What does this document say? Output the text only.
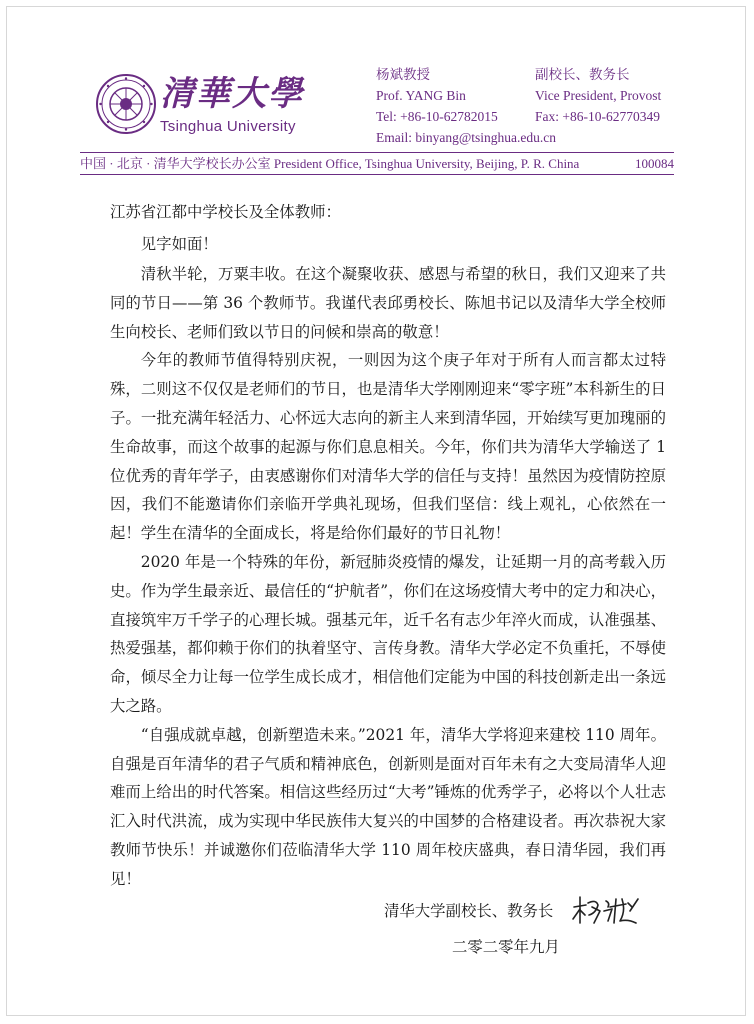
清華大學
Tsinghua University
杨斌教授
Prof. YANG Bin
Tel: +86-10-62782015
Email: binyang@tsinghua.edu.cn
副校长、教务长
Vice President, Provost
Fax: +86-10-62770349
中国 · 北京 · 清华大学校长办公室 President Office, Tsinghua University, Beijing, P. R. China	100084

江苏省江都中学校长及全体教师：

见字如面！

清秋半轮，万粟丰收。在这个凝聚收获、感恩与希望的秋日，我们又迎来了共同的节日——第 36 个教师节。我谨代表邱勇校长、陈旭书记以及清华大学全校师生向校长、老师们致以节日的问候和崇高的敬意！

今年的教师节值得特别庆祝，一则因为这个庚子年对于所有人而言都太过特殊，二则这不仅仅是老师们的节日，也是清华大学刚刚迎来“零字班”本科新生的日子。一批充满年轻活力、心怀远大志向的新主人来到清华园，开始续写更加瑰丽的生命故事，而这个故事的起源与你们息息相关。今年，你们共为清华大学输送了 1 位优秀的青年学子，由衷感谢你们对清华大学的信任与支持！虽然因为疫情防控原因，我们不能邀请你们亲临开学典礼现场，但我们坚信：线上观礼，心依然在一起！学生在清华的全面成长，将是给你们最好的节日礼物！

2020 年是一个特殊的年份，新冠肺炎疫情的爆发，让延期一月的高考载入历史。作为学生最亲近、最信任的“护航者”，你们在这场疫情大考中的定力和决心，直接筑牢万千学子的心理长城。强基元年，近千名有志少年淬火而成，认准强基、热爱强基，都仰赖于你们的执着坚守、言传身教。清华大学必定不负重托，不辱使命，倾尽全力让每一位学生成长成才，相信他们定能为中国的科技创新走出一条远大之路。

“自强成就卓越，创新塑造未来。”2021 年，清华大学将迎来建校 110 周年。自强是百年清华的君子气质和精神底色，创新则是面对百年未有之大变局清华人迎难而上给出的时代答案。相信这些经历过“大考”锤炼的优秀学子，必将以个人壮志汇入时代洪流，成为实现中华民族伟大复兴的中国梦的合格建设者。再次恭祝大家教师节快乐！并诚邀你们莅临清华大学 110 周年校庆盛典，春日清华园，我们再见！

清华大学副校长、教务长
二零二零年九月
